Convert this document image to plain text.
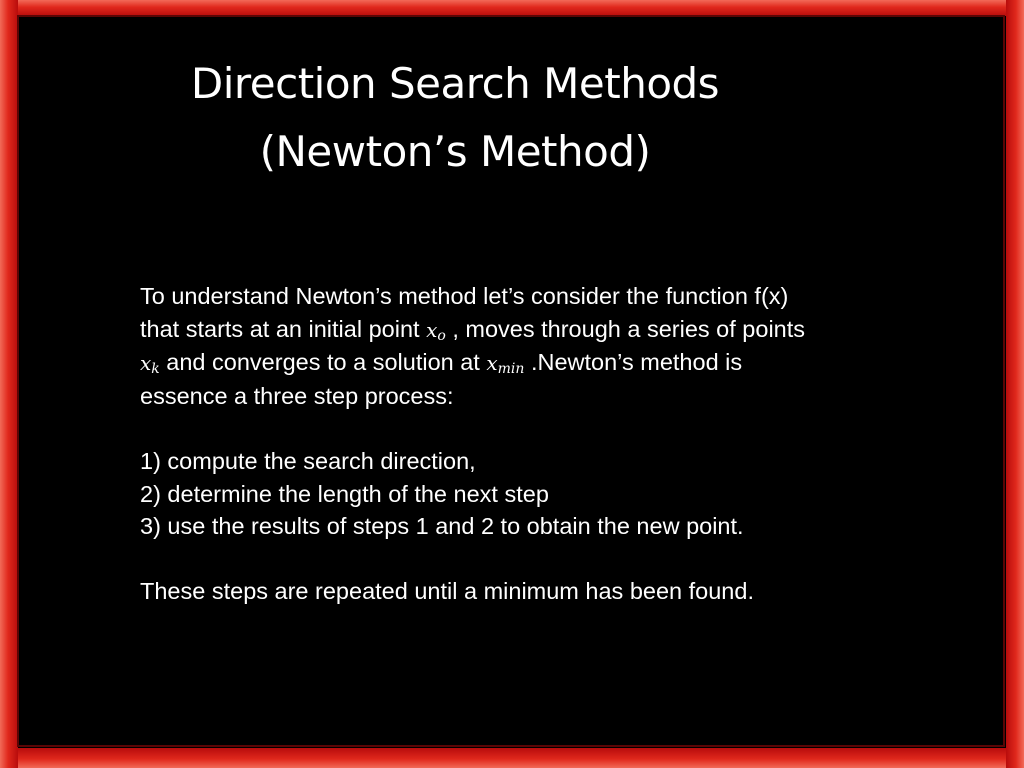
Direction Search Methods
(Newton’s Method)

To understand Newton’s method let’s consider the function f(x) that starts at an initial point $x_o$ , moves through a series of points $x_k$ and converges to a solution at $x_{min}$ .Newton’s method is essence a three step process:

1) compute the search direction,

2) determine the length of the next step

3) use the results of steps 1 and 2 to obtain the new point.

These steps are repeated until a minimum has been found.
